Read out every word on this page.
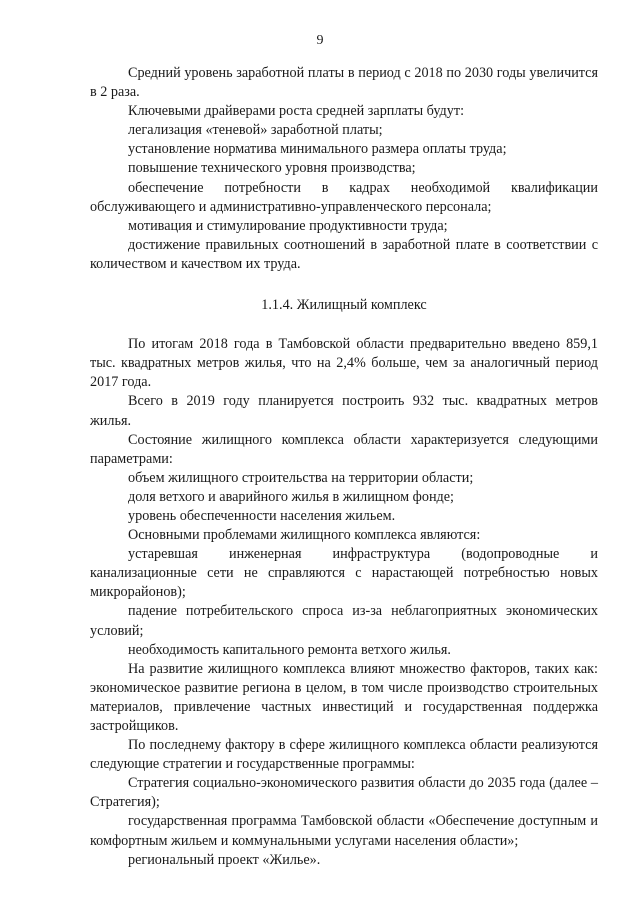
9

Средний уровень заработной платы в период с 2018 по 2030 годы увеличится в 2 раза.

Ключевыми драйверами роста средней зарплаты будут:

легализация «теневой» заработной платы;

установление норматива минимального размера оплаты труда;

повышение технического уровня производства;

обеспечение потребности в кадрах необходимой квалификации обслуживающего и административно-управленческого персонала;

мотивация и стимулирование продуктивности труда;

достижение правильных соотношений в заработной плате в соответствии с количеством и качеством их труда.

1.1.4. Жилищный комплекс

По итогам 2018 года в Тамбовской области предварительно введено 859,1 тыс. квадратных метров жилья, что на 2,4% больше, чем за аналогичный период 2017 года.

Всего в 2019 году планируется построить 932 тыс. квадратных метров жилья.

Состояние жилищного комплекса области характеризуется следующими параметрами:

объем жилищного строительства на территории области;

доля ветхого и аварийного жилья в жилищном фонде;

уровень обеспеченности населения жильем.

Основными проблемами жилищного комплекса являются:

устаревшая инженерная инфраструктура (водопроводные и канализационные сети не справляются с нарастающей потребностью новых микрорайонов);

падение потребительского спроса из-за неблагоприятных экономических условий;

необходимость капитального ремонта ветхого жилья.

На развитие жилищного комплекса влияют множество факторов, таких как: экономическое развитие региона в целом, в том числе производство строительных материалов, привлечение частных инвестиций и государственная поддержка застройщиков.

По последнему фактору в сфере жилищного комплекса области реализуются следующие стратегии и государственные программы:

Стратегия социально-экономического развития области до 2035 года (далее – Стратегия);

государственная программа Тамбовской области «Обеспечение доступным и комфортным жильем и коммунальными услугами населения области»;

региональный проект «Жилье».
